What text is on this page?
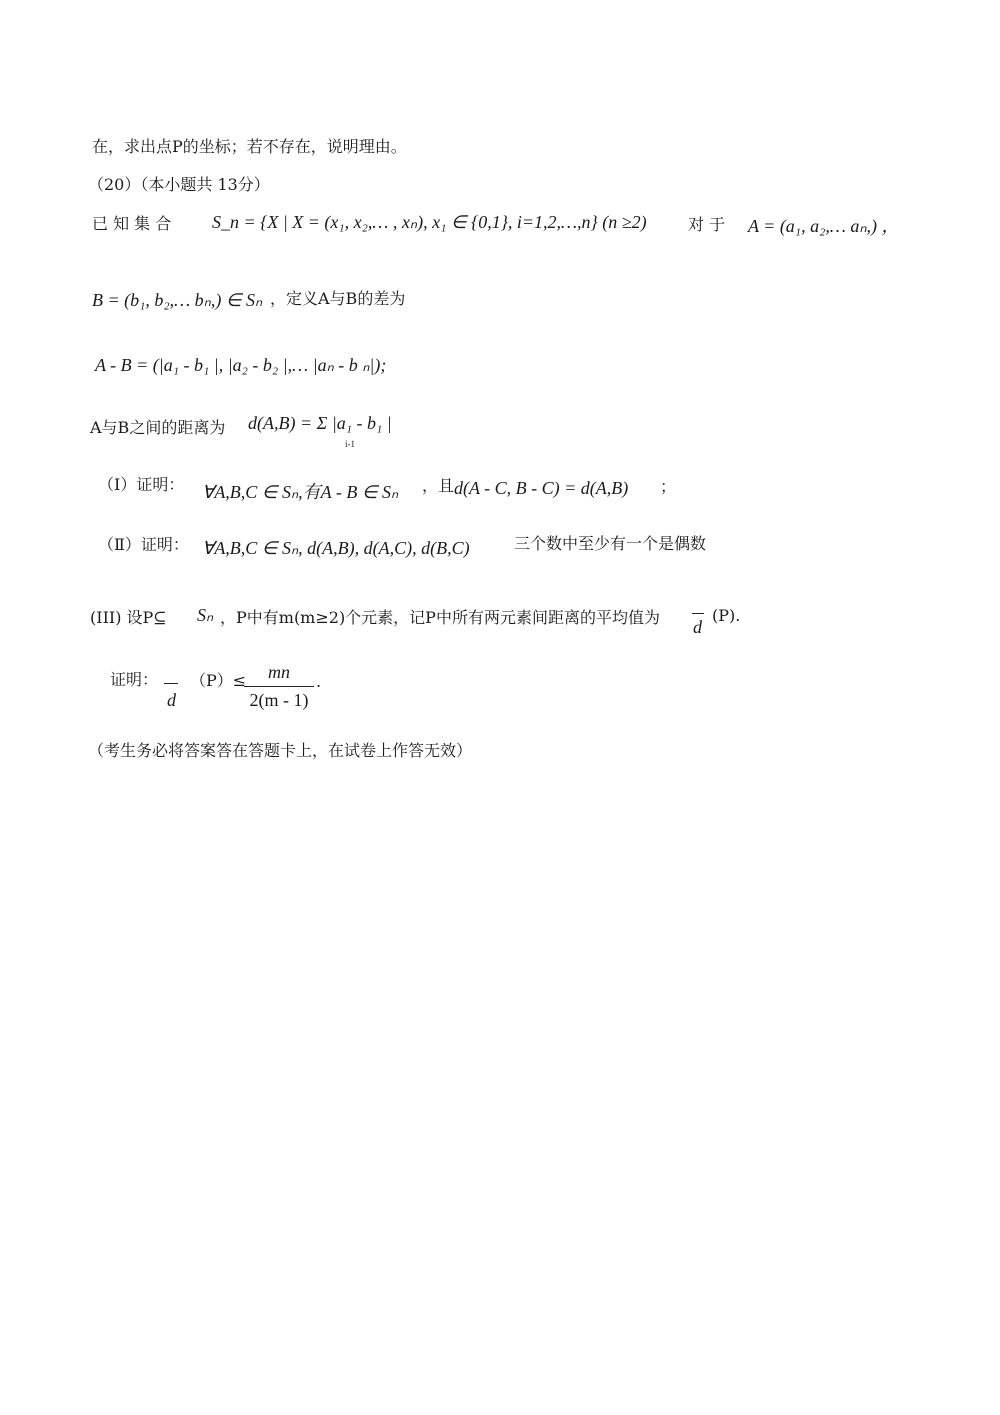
在，求出点P的坐标；若不存在，说明理由。
（20）（本小题共 13分）
已 知 集 合 S_n = {X | X = (x₁, x₂,… , xₙ), x₁ ∈ {0,1}, i=1,2,…,n} (n ≥2)	对 于 A = (a₁, a₂,… aₙ,) ，
B = (b₁, b₂,… bₙ,) ∈ Sₙ ，定义A与B的差为
A - B = (|a₁ - b₁ |, |a₂ - b₂ |,… |aₙ - b ₙ|);
A与B之间的距离为 d(A,B) = Σ |a₁ - b₁ |
i-1
（Ⅰ）证明： ∀A,B,C ∈ Sₙ,有A - B ∈ Sₙ ，且 d(A - C, B - C) = d(A,B) ；
（Ⅱ）证明： ∀A,B,C ∈ Sₙ, d(A,B), d(A,C), d(B,C)	三个数中至少有一个是偶数
(III) 设P⊆ Sₙ ，P中有m(m≥2)个元素，记P中所有两元素间距离的平均值为 d
(P).
证明：
d
（P）≤	mn
2(m - 1)
.
（考生务必将答案答在答题卡上，在试卷上作答无效）
